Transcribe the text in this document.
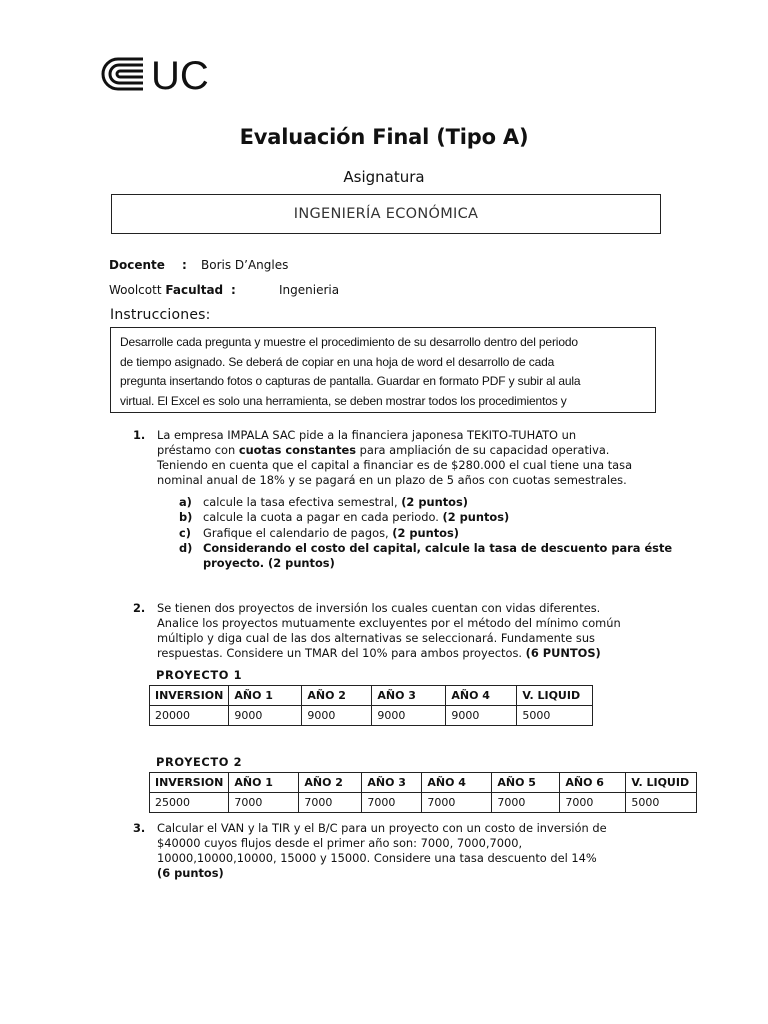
UC
Evaluación Final (Tipo A)
Asignatura
INGENIERÍA ECONÓMICA
Docente : Boris D’Angles
Woolcott Facultad :	Ingenieria
Instrucciones:

Desarrolle cada pregunta y muestre el procedimiento de su desarrollo dentro del periodo

de tiempo asignado. Se deberá de copiar en una hoja de word el desarrollo de cada

pregunta insertando fotos o capturas de pantalla. Guardar en formato PDF y subir al aula

virtual. El Excel es solo una herramienta, se deben mostrar todos los procedimientos y

1. La empresa IMPALA SAC pide a la financiera japonesa TEKITO-TUHATO un
préstamo con cuotas constantes para ampliación de su capacidad operativa.
Teniendo en cuenta que el capital a financiar es de $280.000 el cual tiene una tasa
nominal anual de 18% y se pagará en un plazo de 5 años con cuotas semestrales.
a) calcule la tasa efectiva semestral, (2 puntos)
b) calcule la cuota a pagar en cada periodo. (2 puntos)
c) Grafique el calendario de pagos, (2 puntos)
d) Considerando el costo del capital, calcule la tasa de descuento para éste
proyecto. (2 puntos)
2. Se tienen dos proyectos de inversión los cuales cuentan con vidas diferentes.
Analice los proyectos mutuamente excluyentes por el método del mínimo común
múltiplo y diga cual de las dos alternativas se seleccionará. Fundamente sus
respuestas. Considere un TMAR del 10% para ambos proyectos. (6 PUNTOS)
PROYECTO 1
INVERSION	AÑO 1	AÑO 2	AÑO 3	AÑO 4	V. LIQUID
20000	9000	9000	9000	9000	5000
PROYECTO 2
INVERSION	AÑO 1	AÑO 2	AÑO 3	AÑO 4	AÑO 5	AÑO 6	V. LIQUID
25000	7000	7000	7000	7000	7000	7000	5000
3. Calcular el VAN y la TIR y el B/C para un proyecto con un costo de inversión de
$40000 cuyos flujos desde el primer año son: 7000, 7000,7000,
10000,10000,10000, 15000 y 15000. Considere una tasa descuento del 14%
(6 puntos)
